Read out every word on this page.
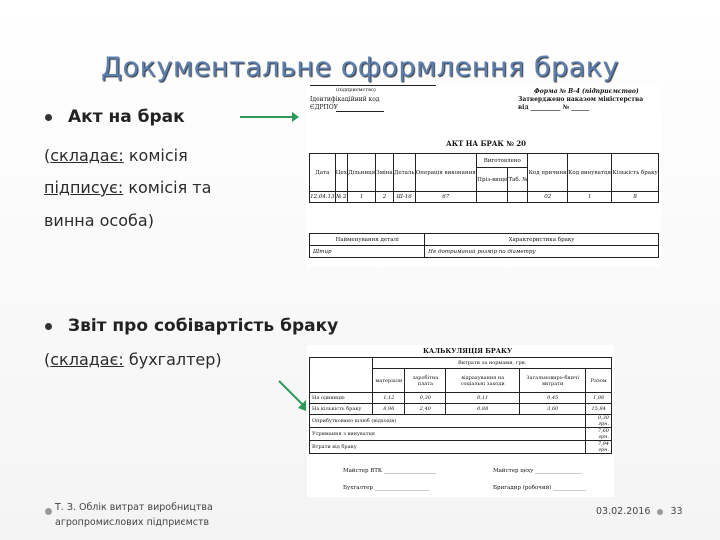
Документальне оформлення браку
Акт на брак
(складає: комісія
підписує: комісія та
винна особа)
Звіт про собівартість браку
(складає: бухгалтер)
(підприємство)
Ідентифікаційний код
ЄДРПОУ
Форма № В-4 (підприємство)
Затверджено наказом міністерства
від __________ № ______
АКТ НА БРАК № 20
Дата	Цех	Дільниця	Зміна	Деталь	Операція виконання	Виготовлено		Код причини	Код винуватця	Кількість браку
						Пріз-вище	Таб. №			
12.04.13	№ 2	1	2	Ш-16	67			02	1	8
Найменування деталі	Характеристика браку
Штир	Не дотриманий розмір по діаметру
КАЛЬКУЛЯЦІЯ БРАКУ
	Витрати за нормами, грн.				
	матеріали	заробітна плата	відрахування на соціальні заходи	Загальновиро-бничі витрати	Разом
На одиницю	1,12	0,30	0,11	0,45	1,98
На кількість браку	8,96	2,40	0,88	3,60	15,84
Оприбутковано шлюб (відходів)					0,30 грн.
Утримання з винуватця					7,60 грн.
Втрати від браку					7,94 грн.
Майстер ВТК ___________________	Майстер цеху _________________
Бухгалтер ____________________	Бригадир (робочий) ____________
Т. З. Облік витрат виробництва
агропромислових підприємств
03.02.2016 33
